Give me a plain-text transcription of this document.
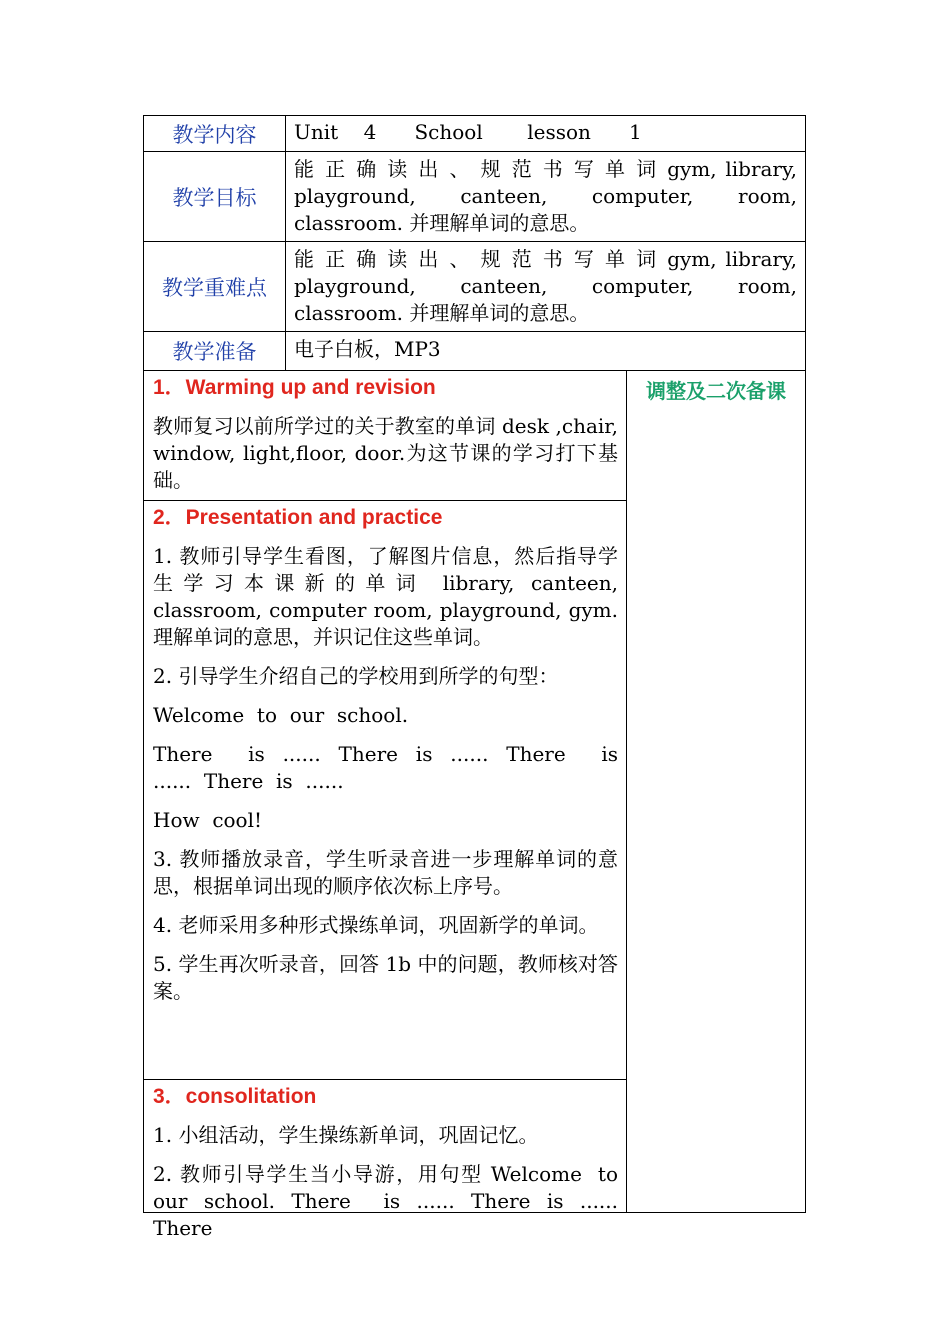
教学内容	Unit    4      School       lesson      1
教学目标
能 正 确 读 出 、 规 范 书 写 单 词 gym, library, playground, canteen, computer, room, classroom. 并理解单词的意思。
教学重难点
能 正 确 读 出 、 规 范 书 写 单 词 gym, library, playground, canteen, computer, room, classroom. 并理解单词的意思。
教学准备	电子白板，MP3
1．Warming up and revision

教师复习以前所学过的关于教室的单词 desk ,chair, window, light,floor, door.为这节课的学习打下基础。

2．Presentation and practice

1. 教师引导学生看图，了解图片信息，然后指导学生学习本课新的单词 library, canteen, classroom, computer room, playground, gym. 理解单词的意思，并识记住这些单词。

2. 引导学生介绍自己的学校用到所学的句型：

Welcome  to  our  school.

There    is  ......  There  is  ......  There    is  ......  There  is  ......

How  cool!

3. 教师播放录音，学生听录音进一步理解单词的意思，根据单词出现的顺序依次标上序号。

4. 老师采用多种形式操练单词，巩固新学的单词。

5. 学生再次听录音，回答 1b 中的问题，教师核对答案。

3．consolitation

1. 小组活动，学生操练新单词，巩固记忆。

2. 教师引导学生当小导游，用句型 Welcome  to  our  school.  There    is  ......  There  is  ......  There

调整及二次备课
